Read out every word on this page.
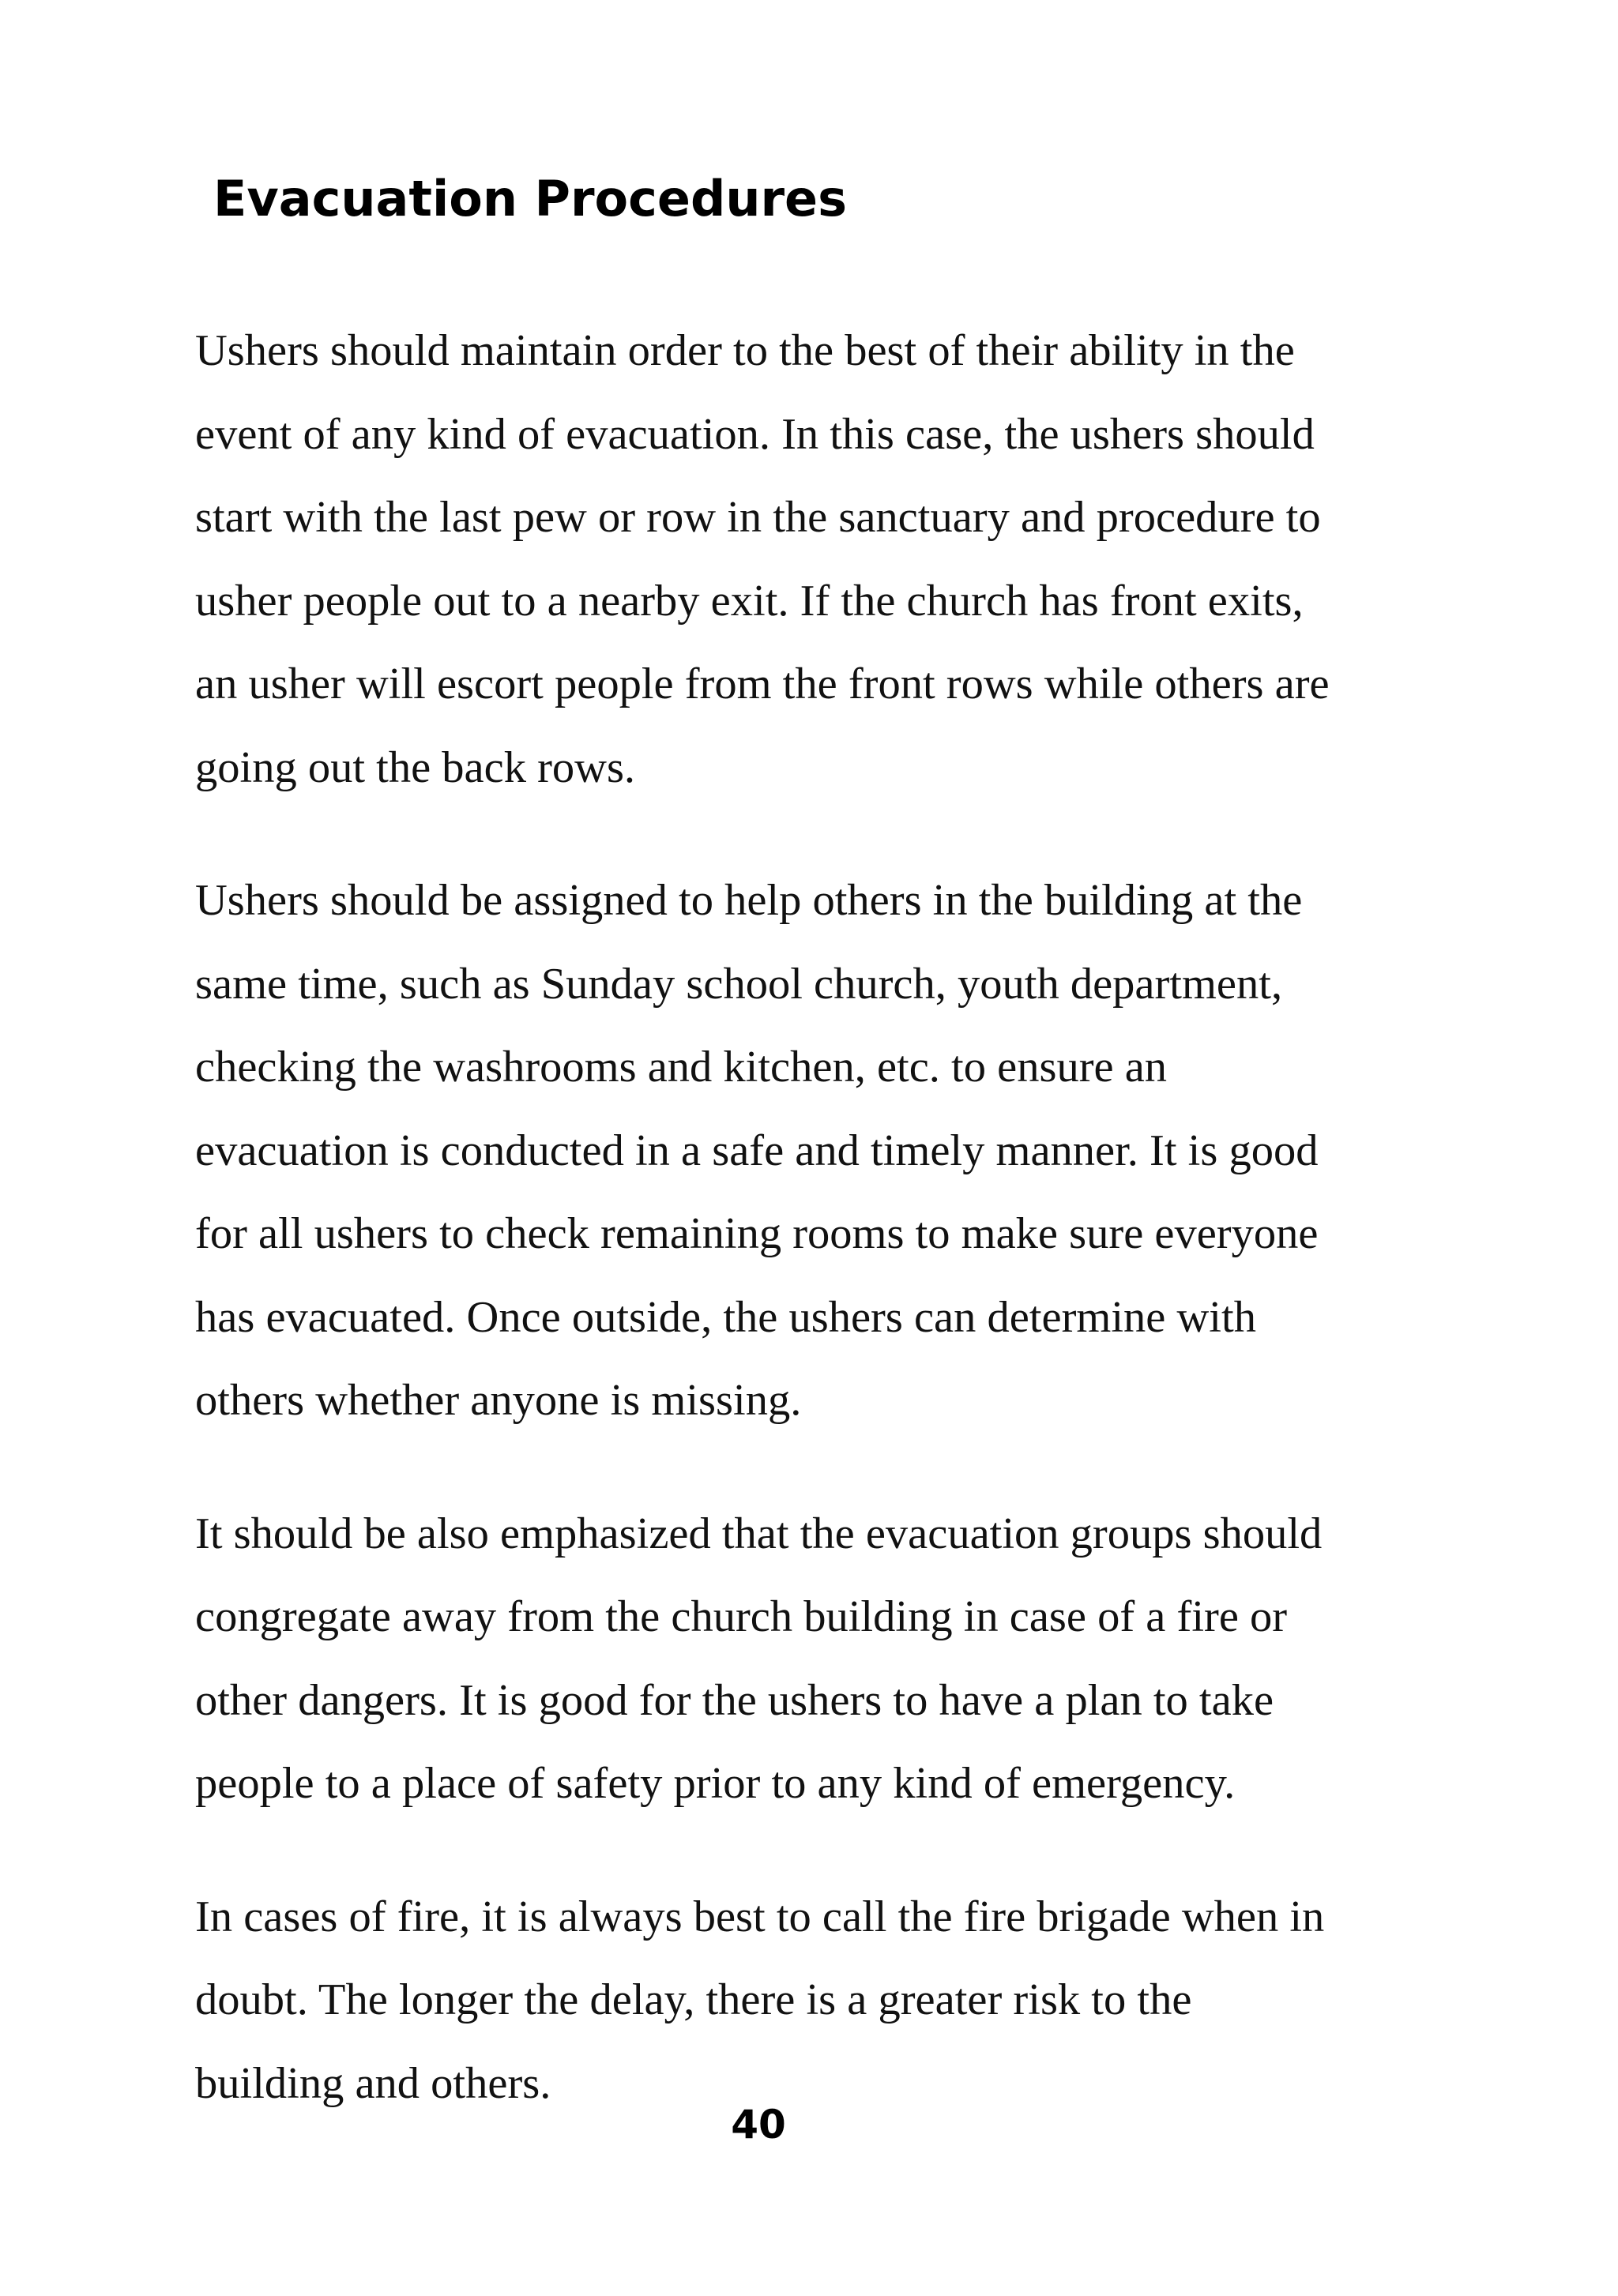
Evacuation Procedures

Ushers should maintain order to the best of their ability in the
event of any kind of evacuation. In this case, the ushers should
start with the last pew or row in the sanctuary and procedure to
usher people out to a nearby exit. If the church has front exits,
an usher will escort people from the front rows while others are
going out the back rows.

Ushers should be assigned to help others in the building at the
same time, such as Sunday school church, youth department,
checking the washrooms and kitchen, etc. to ensure an
evacuation is conducted in a safe and timely manner. It is good
for all ushers to check remaining rooms to make sure everyone
has evacuated. Once outside, the ushers can determine with
others whether anyone is missing.

It should be also emphasized that the evacuation groups should
congregate away from the church building in case of a fire or
other dangers. It is good for the ushers to have a plan to take
people to a place of safety prior to any kind of emergency.

In cases of fire, it is always best to call the fire brigade when in
doubt. The longer the delay, there is a greater risk to the
building and others.

40
